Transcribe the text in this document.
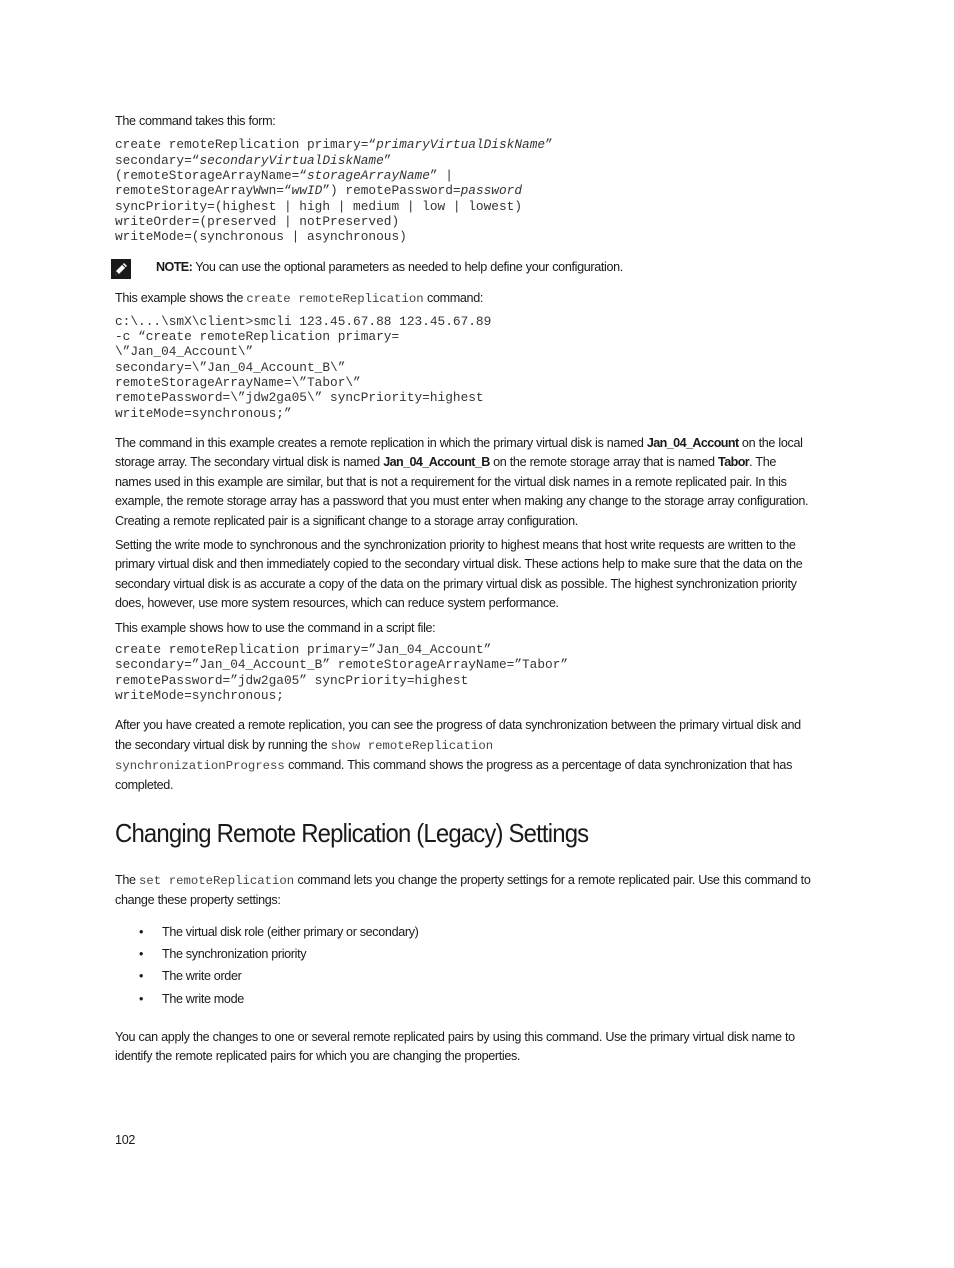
The command takes this form:

create remoteReplication primary=“primaryVirtualDiskName”
secondary=“secondaryVirtualDiskName”
(remoteStorageArrayName=“storageArrayName” |
remoteStorageArrayWwn=“wwID”) remotePassword=password
syncPriority=(highest | high | medium | low | lowest)
writeOrder=(preserved | notPreserved)
writeMode=(synchronous | asynchronous)

NOTE: You can use the optional parameters as needed to help define your configuration.

This example shows the create remoteReplication command:

c:\...\smX\client>smcli 123.45.67.88 123.45.67.89
-c “create remoteReplication primary=
\”Jan_04_Account\”
secondary=\”Jan_04_Account_B\”
remoteStorageArrayName=\”Tabor\”
remotePassword=\”jdw2ga05\” syncPriority=highest
writeMode=synchronous;”

The command in this example creates a remote replication in which the primary virtual disk is named Jan_04_Account on the local storage array. The secondary virtual disk is named Jan_04_Account_B on the remote storage array that is named Tabor. The names used in this example are similar, but that is not a requirement for the virtual disk names in a remote replicated pair. In this example, the remote storage array has a password that you must enter when making any change to the storage array configuration. Creating a remote replicated pair is a significant change to a storage array configuration.

Setting the write mode to synchronous and the synchronization priority to highest means that host write requests are written to the primary virtual disk and then immediately copied to the secondary virtual disk. These actions help to make sure that the data on the secondary virtual disk is as accurate a copy of the data on the primary virtual disk as possible. The highest synchronization priority does, however, use more system resources, which can reduce system performance.

This example shows how to use the command in a script file:

create remoteReplication primary=”Jan_04_Account”
secondary=”Jan_04_Account_B” remoteStorageArrayName=”Tabor”
remotePassword=”jdw2ga05” syncPriority=highest
writeMode=synchronous;

After you have created a remote replication, you can see the progress of data synchronization between the primary virtual disk and the secondary virtual disk by running the show remoteReplication
synchronizationProgress command. This command shows the progress as a percentage of data synchronization that has completed.

Changing Remote Replication (Legacy) Settings

The set remoteReplication command lets you change the property settings for a remote replicated pair. Use this command to change these property settings:

• The virtual disk role (either primary or secondary)
• The synchronization priority
• The write order
• The write mode

You can apply the changes to one or several remote replicated pairs by using this command. Use the primary virtual disk name to identify the remote replicated pairs for which you are changing the properties.

102
